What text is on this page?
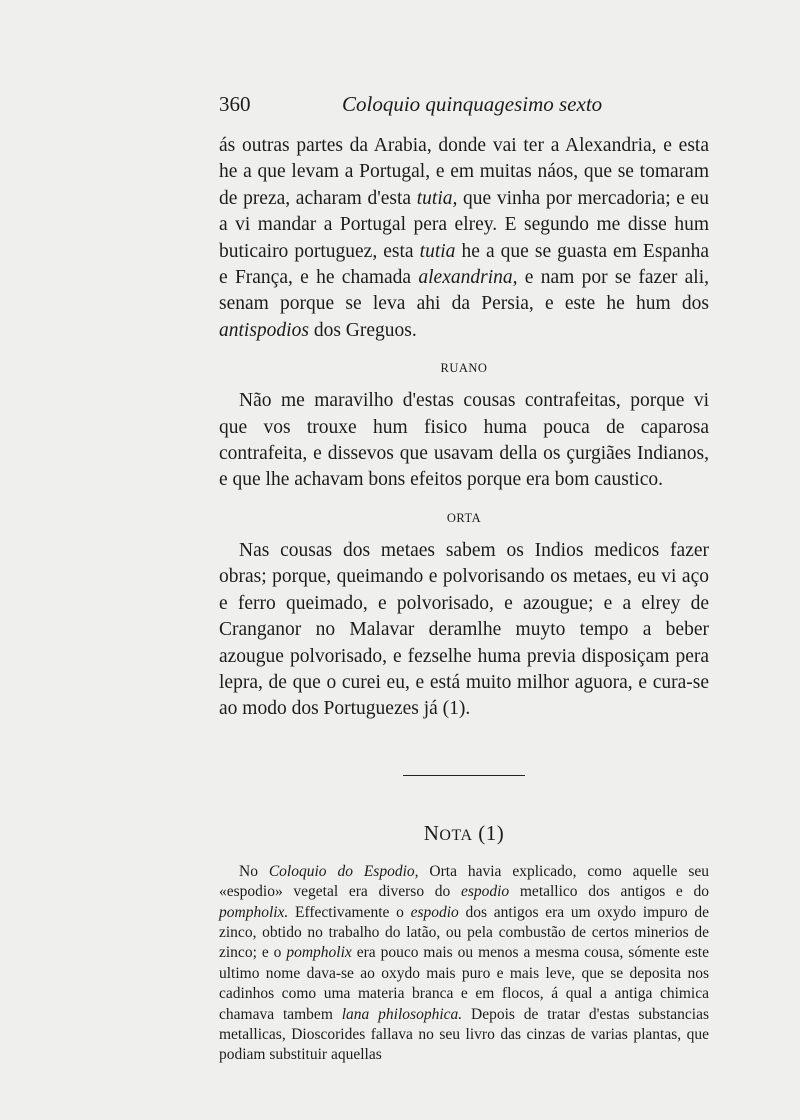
360	Coloquio quinquagesimo sexto

ás outras partes da Arabia, donde vai ter a Alexandria, e esta he a que levam a Portugal, e em muitas náos, que se tomaram de preza, acharam d'esta tutia, que vinha por mercadoria; e eu a vi mandar a Portugal pera elrey. E segundo me disse hum buticairo portuguez, esta tutia he a que se guasta em Espanha e França, e he chamada alexandrina, e nam por se fazer ali, senam porque se leva ahi da Persia, e este he hum dos antispodios dos Greguos.

RUANO

Não me maravilho d'estas cousas contrafeitas, porque vi que vos trouxe hum fisico huma pouca de caparosa contrafeita, e dissevos que usavam della os çurgiães Indianos, e que lhe achavam bons efeitos porque era bom caustico.

ORTA

Nas cousas dos metaes sabem os Indios medicos fazer obras; porque, queimando e polvorisando os metaes, eu vi aço e ferro queimado, e polvorisado, e azougue; e a elrey de Cranganor no Malavar deramlhe muyto tempo a beber azougue polvorisado, e fezselhe huma previa disposiçam pera lepra, de que o curei eu, e está muito milhor aguora, e cura-se ao modo dos Portuguezes já (1).

NOTA (1)

No Coloquio do Espodio, Orta havia explicado, como aquelle seu «espodio» vegetal era diverso do espodio metallico dos antigos e do pompholix. Effectivamente o espodio dos antigos era um oxydo impuro de zinco, obtido no trabalho do latão, ou pela combustão de certos minerios de zinco; e o pompholix era pouco mais ou menos a mesma cousa, sómente este ultimo nome dava-se ao oxydo mais puro e mais leve, que se deposita nos cadinhos como uma materia branca e em flocos, á qual a antiga chimica chamava tambem lana philosophica. Depois de tratar d'estas substancias metallicas, Dioscorides fallava no seu livro das cinzas de varias plantas, que podiam substituir aquellas
